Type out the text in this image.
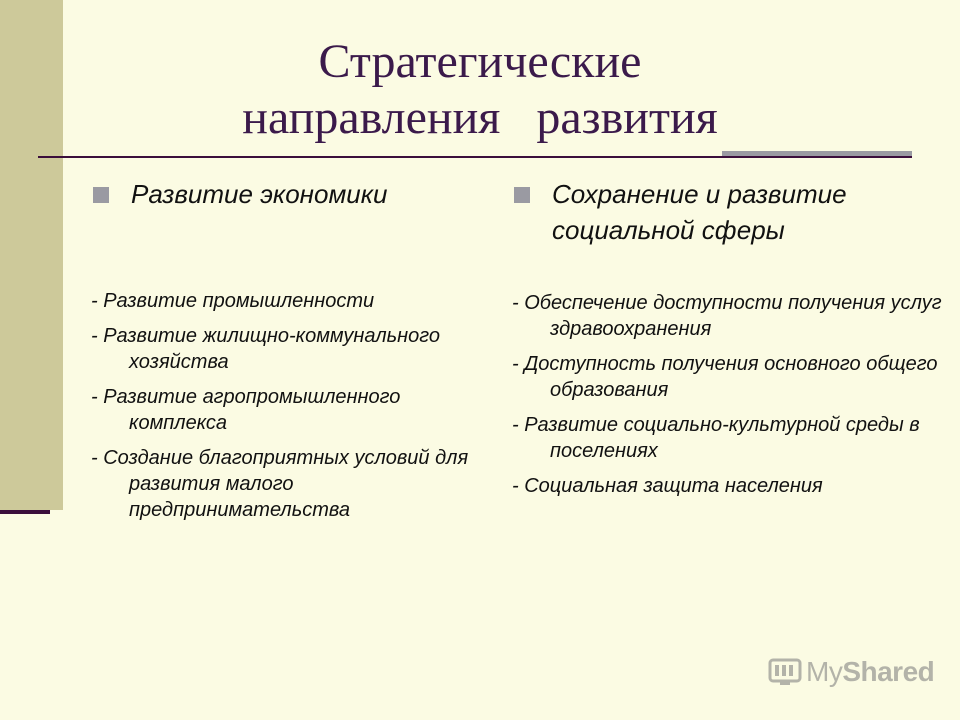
Стратегические
направления   развития
Развитие экономики
- Развитие промышленности
- Развитие жилищно-коммунального хозяйства
- Развитие агропромышленного комплекса
- Создание благоприятных условий для развития малого предпринимательства
Сохранение и развитие социальной сферы
- Обеспечение доступности получения услуг здравоохранения
- Доступность получения основного общего образования
- Развитие социально-культурной среды в поселениях
- Социальная защита населения
MyShared
